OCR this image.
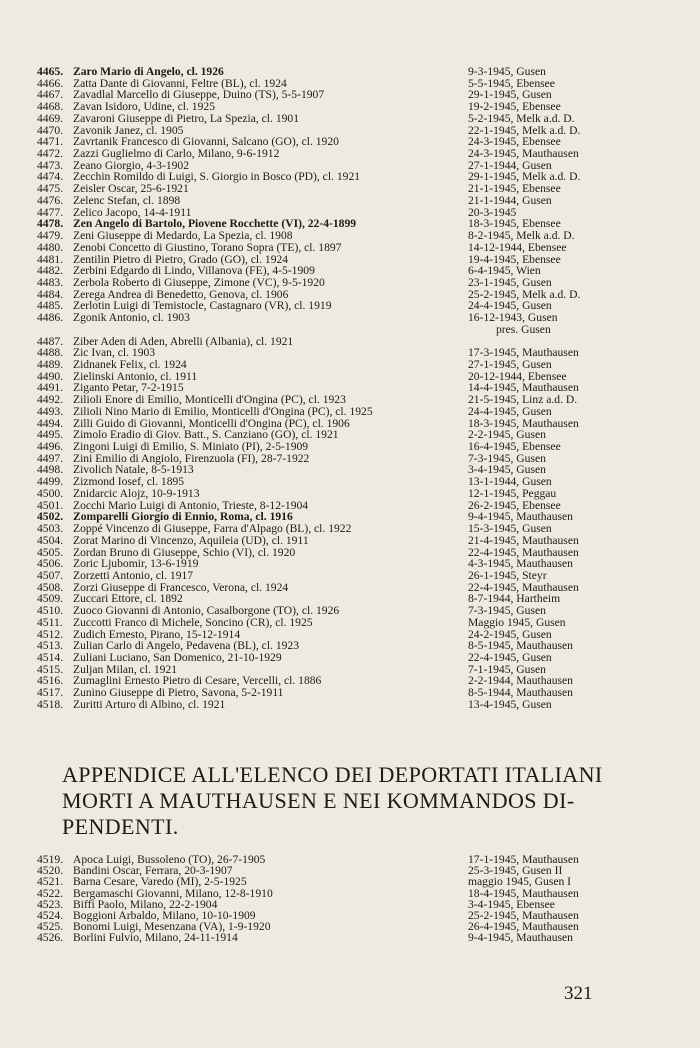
4465. Zaro Mario di Angelo, cl. 1926	9-3-1945, Gusen
4466. Zatta Dante di Giovanni, Feltre (BL), cl. 1924	5-5-1945, Ebensee
4467. Zavadlal Marcello di Giuseppe, Duino (TS), 5-5-1907	29-1-1945, Gusen
4468. Zavan Isidoro, Udine, cl. 1925	19-2-1945, Ebensee
4469. Zavaroni Giuseppe di Pietro, La Spezia, cl. 1901	5-2-1945, Melk a.d. D.
4470. Zavonik Janez, cl. 1905	22-1-1945, Melk a.d. D.
4471. Zavrtanik Francesco di Giovanni, Salcano (GO), cl. 1920	24-3-1945, Ebensee
4472. Zazzi Guglielmo di Carlo, Milano, 9-6-1912	24-3-1945, Mauthausen
4473. Zeano Giorgio, 4-3-1902	27-1-1944, Gusen
4474. Zecchin Romildo di Luigi, S. Giorgio in Bosco (PD), cl. 1921	29-1-1945, Melk a.d. D.
4475. Zeisler Oscar, 25-6-1921	21-1-1945, Ebensee
4476. Zelenc Stefan, cl. 1898	21-1-1944, Gusen
4477. Zelico Jacopo, 14-4-1911	20-3-1945
4478. Zen Angelo di Bartolo, Piovene Rocchette (VI), 22-4-1899	18-3-1945, Ebensee
4479. Zeni Giuseppe di Medardo, La Spezia, cl. 1908	8-2-1945, Melk a.d. D.
4480. Zenobi Concetto di Giustino, Torano Sopra (TE), cl. 1897	14-12-1944, Ebensee
4481. Zentilin Pietro di Pietro, Grado (GO), cl. 1924	19-4-1945, Ebensee
4482. Zerbini Edgardo di Lindo, Villanova (FE), 4-5-1909	6-4-1945, Wien
4483. Zerbola Roberto di Giuseppe, Zimone (VC), 9-5-1920	23-1-1945, Gusen
4484. Zerega Andrea di Benedetto, Genova, cl. 1906	25-2-1945, Melk a.d. D.
4485. Zerlotin Luigi di Temistocle, Castagnaro (VR), cl. 1919	24-4-1945, Gusen
4486. Zgonik Antonio, cl. 1903	16-12-1943, Gusen
pres. Gusen
4487. Ziber Aden di Aden, Abrelli (Albania), cl. 1921
4488. Zic Ivan, cl. 1903	17-3-1945, Mauthausen
4489. Zidnanek Felix, cl. 1924	27-1-1945, Gusen
4490. Zielinski Antonio, cl. 1911	20-12-1944, Ebensee
4491. Ziganto Petar, 7-2-1915	14-4-1945, Mauthausen
4492. Zilioli Enore di Emilio, Monticelli d'Ongina (PC), cl. 1923	21-5-1945, Linz a.d. D.
4493. Zilioli Nino Mario di Emilio, Monticelli d'Ongina (PC), cl. 1925	24-4-1945, Gusen
4494. Zilli Guido di Giovanni, Monticelli d'Ongina (PC), cl. 1906	18-3-1945, Mauthausen
4495. Zimolo Eradio di Giov. Batt., S. Canziano (GO), cl. 1921	2-2-1945, Gusen
4496. Zingoni Luigi di Emilio, S. Miniato (PI), 2-5-1909	16-4-1945, Ebensee
4497. Zini Emilio di Angiolo, Firenzuola (FI), 28-7-1922	7-3-1945, Gusen
4498. Zivolich Natale, 8-5-1913	3-4-1945, Gusen
4499. Zizmond Iosef, cl. 1895	13-1-1944, Gusen
4500. Znidarcic Alojz, 10-9-1913	12-1-1945, Peggau
4501. Zocchi Mario Luigi di Antonio, Trieste, 8-12-1904	26-2-1945, Ebensee
4502. Zomparelli Giorgio di Ennio, Roma, cl. 1916	9-4-1945, Mauthausen
4503. Zoppé Vincenzo di Giuseppe, Farra d'Alpago (BL), cl. 1922	15-3-1945, Gusen
4504. Zorat Marino di Vincenzo, Aquileia (UD), cl. 1911	21-4-1945, Mauthausen
4505. Zordan Bruno di Giuseppe, Schio (VI), cl. 1920	22-4-1945, Mauthausen
4506. Zoric Ljubomir, 13-6-1919	4-3-1945, Mauthausen
4507. Zorzetti Antonio, cl. 1917	26-1-1945, Steyr
4508. Zorzi Giuseppe di Francesco, Verona, cl. 1924	22-4-1945, Mauthausen
4509. Zuccari Ettore, cl. 1892	8-7-1944, Hartheim
4510. Zuoco Giovanni di Antonio, Casalborgone (TO), cl. 1926	7-3-1945, Gusen
4511. Zuccotti Franco di Michele, Soncino (CR), cl. 1925	Maggio 1945, Gusen
4512. Zudich Ernesto, Pirano, 15-12-1914	24-2-1945, Gusen
4513. Zulian Carlo di Angelo, Pedavena (BL), cl. 1923	8-5-1945, Mauthausen
4514. Zuliani Luciano, San Domenico, 21-10-1929	22-4-1945, Gusen
4515. Zuljan Milan, cl. 1921	7-1-1945, Gusen
4516. Zumaglini Ernesto Pietro di Cesare, Vercelli, cl. 1886	2-2-1944, Mauthausen
4517. Zunino Giuseppe di Pietro, Savona, 5-2-1911	8-5-1944, Mauthausen
4518. Zuritti Arturo di Albino, cl. 1921	13-4-1945, Gusen
APPENDICE ALL'ELENCO DEI DEPORTATI ITALIANI
MORTI A MAUTHAUSEN E NEI KOMMANDOS DI-
PENDENTI.
4519. Apoca Luigi, Bussoleno (TO), 26-7-1905	17-1-1945, Mauthausen
4520. Bandini Oscar, Ferrara, 20-3-1907	25-3-1945, Gusen II
4521. Barna Cesare, Varedo (MI), 2-5-1925	maggio 1945, Gusen I
4522. Bergamaschi Giovanni, Milano, 12-8-1910	18-4-1945, Mauthausen
4523. Biffi Paolo, Milano, 22-2-1904	3-4-1945, Ebensee
4524. Boggioni Arbaldo, Milano, 10-10-1909	25-2-1945, Mauthausen
4525. Bonomi Luigi, Mesenzana (VA), 1-9-1920	26-4-1945, Mauthausen
4526. Borlini Fulvio, Milano, 24-11-1914	9-4-1945, Mauthausen
321
